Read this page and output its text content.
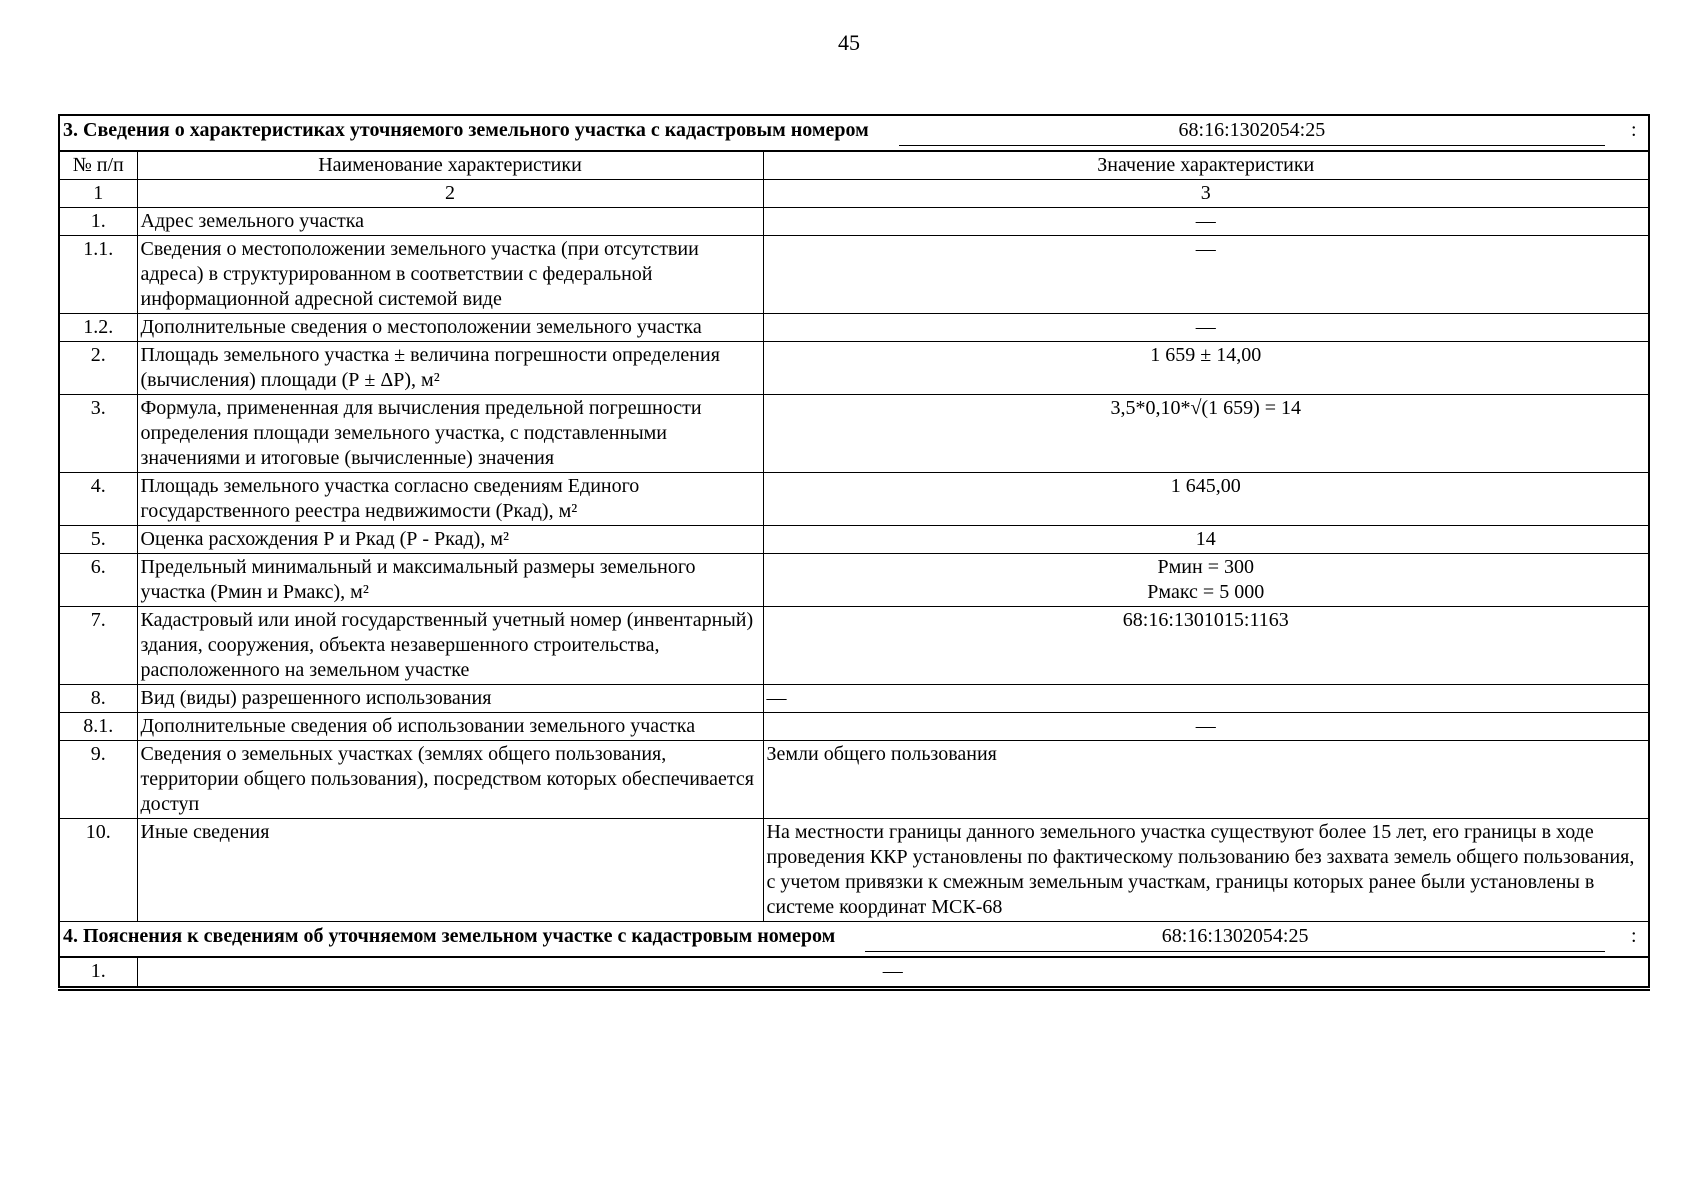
45
3. Сведения о характеристиках уточняемого земельного участка с кадастровым номером 68:16:1302054:25 :		

№ п/п	Наименование характеристики	Значение характеристики
1	2	3
1.	Адрес земельного участка	—
1.1.	Сведения о местоположении земельного участка (при отсутствии адреса) в структурированном в соответствии с федеральной информационной адресной системой виде	—
1.2.	Дополнительные сведения о местоположении земельного участка	—
2.	Площадь земельного участка ± величина погрешности определения (вычисления) площади (Р ± ΔР), м²	1 659 ± 14,00
3.	Формула, примененная для вычисления предельной погрешности определения площади земельного участка, с подставленными значениями и итоговые (вычисленные) значения	3,5*0,10*√(1 659) = 14
4.	Площадь земельного участка согласно сведениям Единого государственного реестра недвижимости (Ркад), м²	1 645,00
5.	Оценка расхождения Р и Ркад (Р - Ркад), м²	14
6.	Предельный минимальный и максимальный размеры земельного участка (Рмин и Рмакс), м²	Рмин = 300
Рмакс = 5 000

7.	Кадастровый или иной государственный учетный номер (инвентарный) здания, сооружения, объекта незавершенного строительства, расположенного на земельном участке	68:16:1301015:1163
8.	Вид (виды) разрешенного использования	—
8.1.	Дополнительные сведения об использовании земельного участка	—
9.	Сведения о земельных участках (землях общего пользования, территории общего пользования), посредством которых обеспечивается доступ	Земли общего пользования
10.	Иные сведения	На местности границы данного земельного участка существуют более 15 лет, его границы в ходе проведения ККР установлены по фактическому пользованию без захвата земель общего пользования, с учетом привязки к смежным земельным участкам, границы которых ранее были установлены в системе координат МСК-68

4. Пояснения к сведениям об уточняемом земельном участке с кадастровым номером 68:16:1302054:25 :		

1.	—	
